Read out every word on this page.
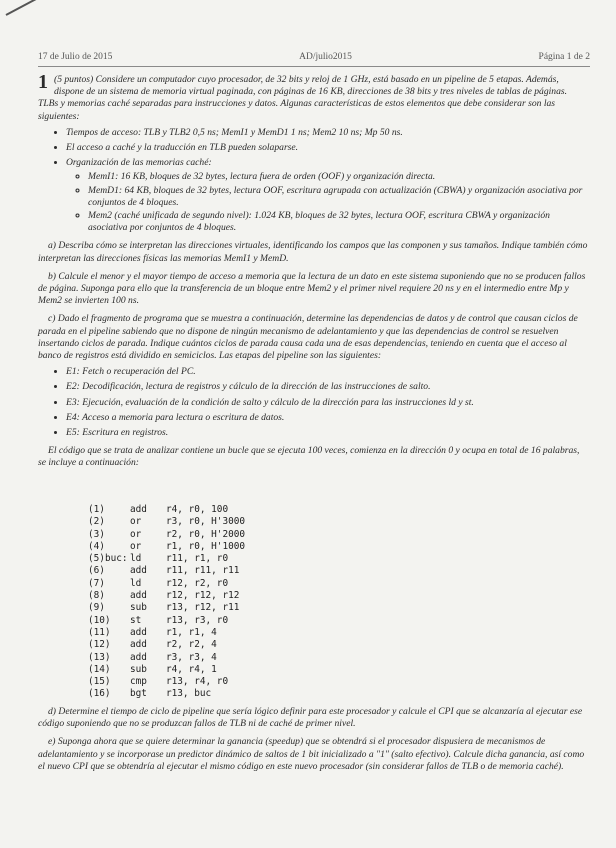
17 de Julio de 2015	AD/julio2015	Página 1 de 2
1 (5 puntos) Considere un computador cuyo procesador, de 32 bits y reloj de 1 GHz, está basado en un pipeline de 5 etapas. Además, dispone de un sistema de memoria virtual paginada, con páginas de 16 KB, direcciones de 38 bits y tres niveles de tablas de páginas. TLBs y memorias caché separadas para instrucciones y datos. Algunas características de estos elementos que debe considerar son las siguientes:
• Tiempos de acceso: TLB y TLB2 0,5 ns; MemI1 y MemD1 1 ns; Mem2 10 ns; Mp 50 ns.
• El acceso a caché y la traducción en TLB pueden solaparse.
• Organización de las memorias caché:
◦ MemI1: 16 KB, bloques de 32 bytes, lectura fuera de orden (OOF) y organización directa.
◦ MemD1: 64 KB, bloques de 32 bytes, lectura OOF, escritura agrupada con actualización (CBWA) y organización asociativa por conjuntos de 4 bloques.
◦ Mem2 (caché unificada de segundo nivel): 1.024 KB, bloques de 32 bytes, lectura OOF, escritura CBWA y organización asociativa por conjuntos de 4 bloques.

a) Describa cómo se interpretan las direcciones virtuales, identificando los campos que las componen y sus tamaños. Indique también cómo interpretan las direcciones físicas las memorias MemI1 y MemD.

b) Calcule el menor y el mayor tiempo de acceso a memoria que la lectura de un dato en este sistema suponiendo que no se producen fallos de página. Suponga para ello que la transferencia de un bloque entre Mem2 y el primer nivel requiere 20 ns y en el intermedio entre Mp y Mem2 se invierten 100 ns.

c) Dado el fragmento de programa que se muestra a continuación, determine las dependencias de datos y de control que causan ciclos de parada en el pipeline sabiendo que no dispone de ningún mecanismo de adelantamiento y que las dependencias de control se resuelven insertando ciclos de parada. Indique cuántos ciclos de parada causa cada una de esas dependencias, teniendo en cuenta que el acceso al banco de registros está dividido en semiciclos. Las etapas del pipeline son las siguientes:

• E1: Fetch o recuperación del PC.
• E2: Decodificación, lectura de registros y cálculo de la dirección de las instrucciones de salto.
• E3: Ejecución, evaluación de la condición de salto y cálculo de la dirección para las instrucciones ld y st.
• E4: Acceso a memoria para lectura o escritura de datos.
• E5: Escritura en registros.

El código que se trata de analizar contiene un bucle que se ejecuta 100 veces, comienza en la dirección 0 y ocupa en total de 16 palabras, se incluye a continuación:

(1)	add	r4, r0, 100
(2)	or	r3, r0, H'3000
(3)	or	r2, r0, H'2000
(4)	or	r1, r0, H'1000
(5)buc: ld	r11, r1, r0
(6)	add	r11, r11, r11
(7)	ld	r12, r2, r0
(8)	add	r12, r12, r12
(9)	sub	r13, r12, r11
(10)	st	r13, r3, r0
(11)	add	r1, r1, 4
(12)	add	r2, r2, 4
(13)	add	r3, r3, 4
(14)	sub	r4, r4, 1
(15)	cmp	r13, r4, r0
(16)	bgt	r13, buc

d) Determine el tiempo de ciclo de pipeline que sería lógico definir para este procesador y calcule el CPI que se alcanzaría al ejecutar ese código suponiendo que no se produzcan fallos de TLB ni de caché de primer nivel.

e) Suponga ahora que se quiere determinar la ganancia (speedup) que se obtendrá si el procesador dispusiera de mecanismos de adelantamiento y se incorporase un predictor dinámico de saltos de 1 bit inicializado a "1" (salto efectivo). Calcule dicha ganancia, así como el nuevo CPI que se obtendría al ejecutar el mismo código en este nuevo procesador (sin considerar fallos de TLB o de memoria caché).
